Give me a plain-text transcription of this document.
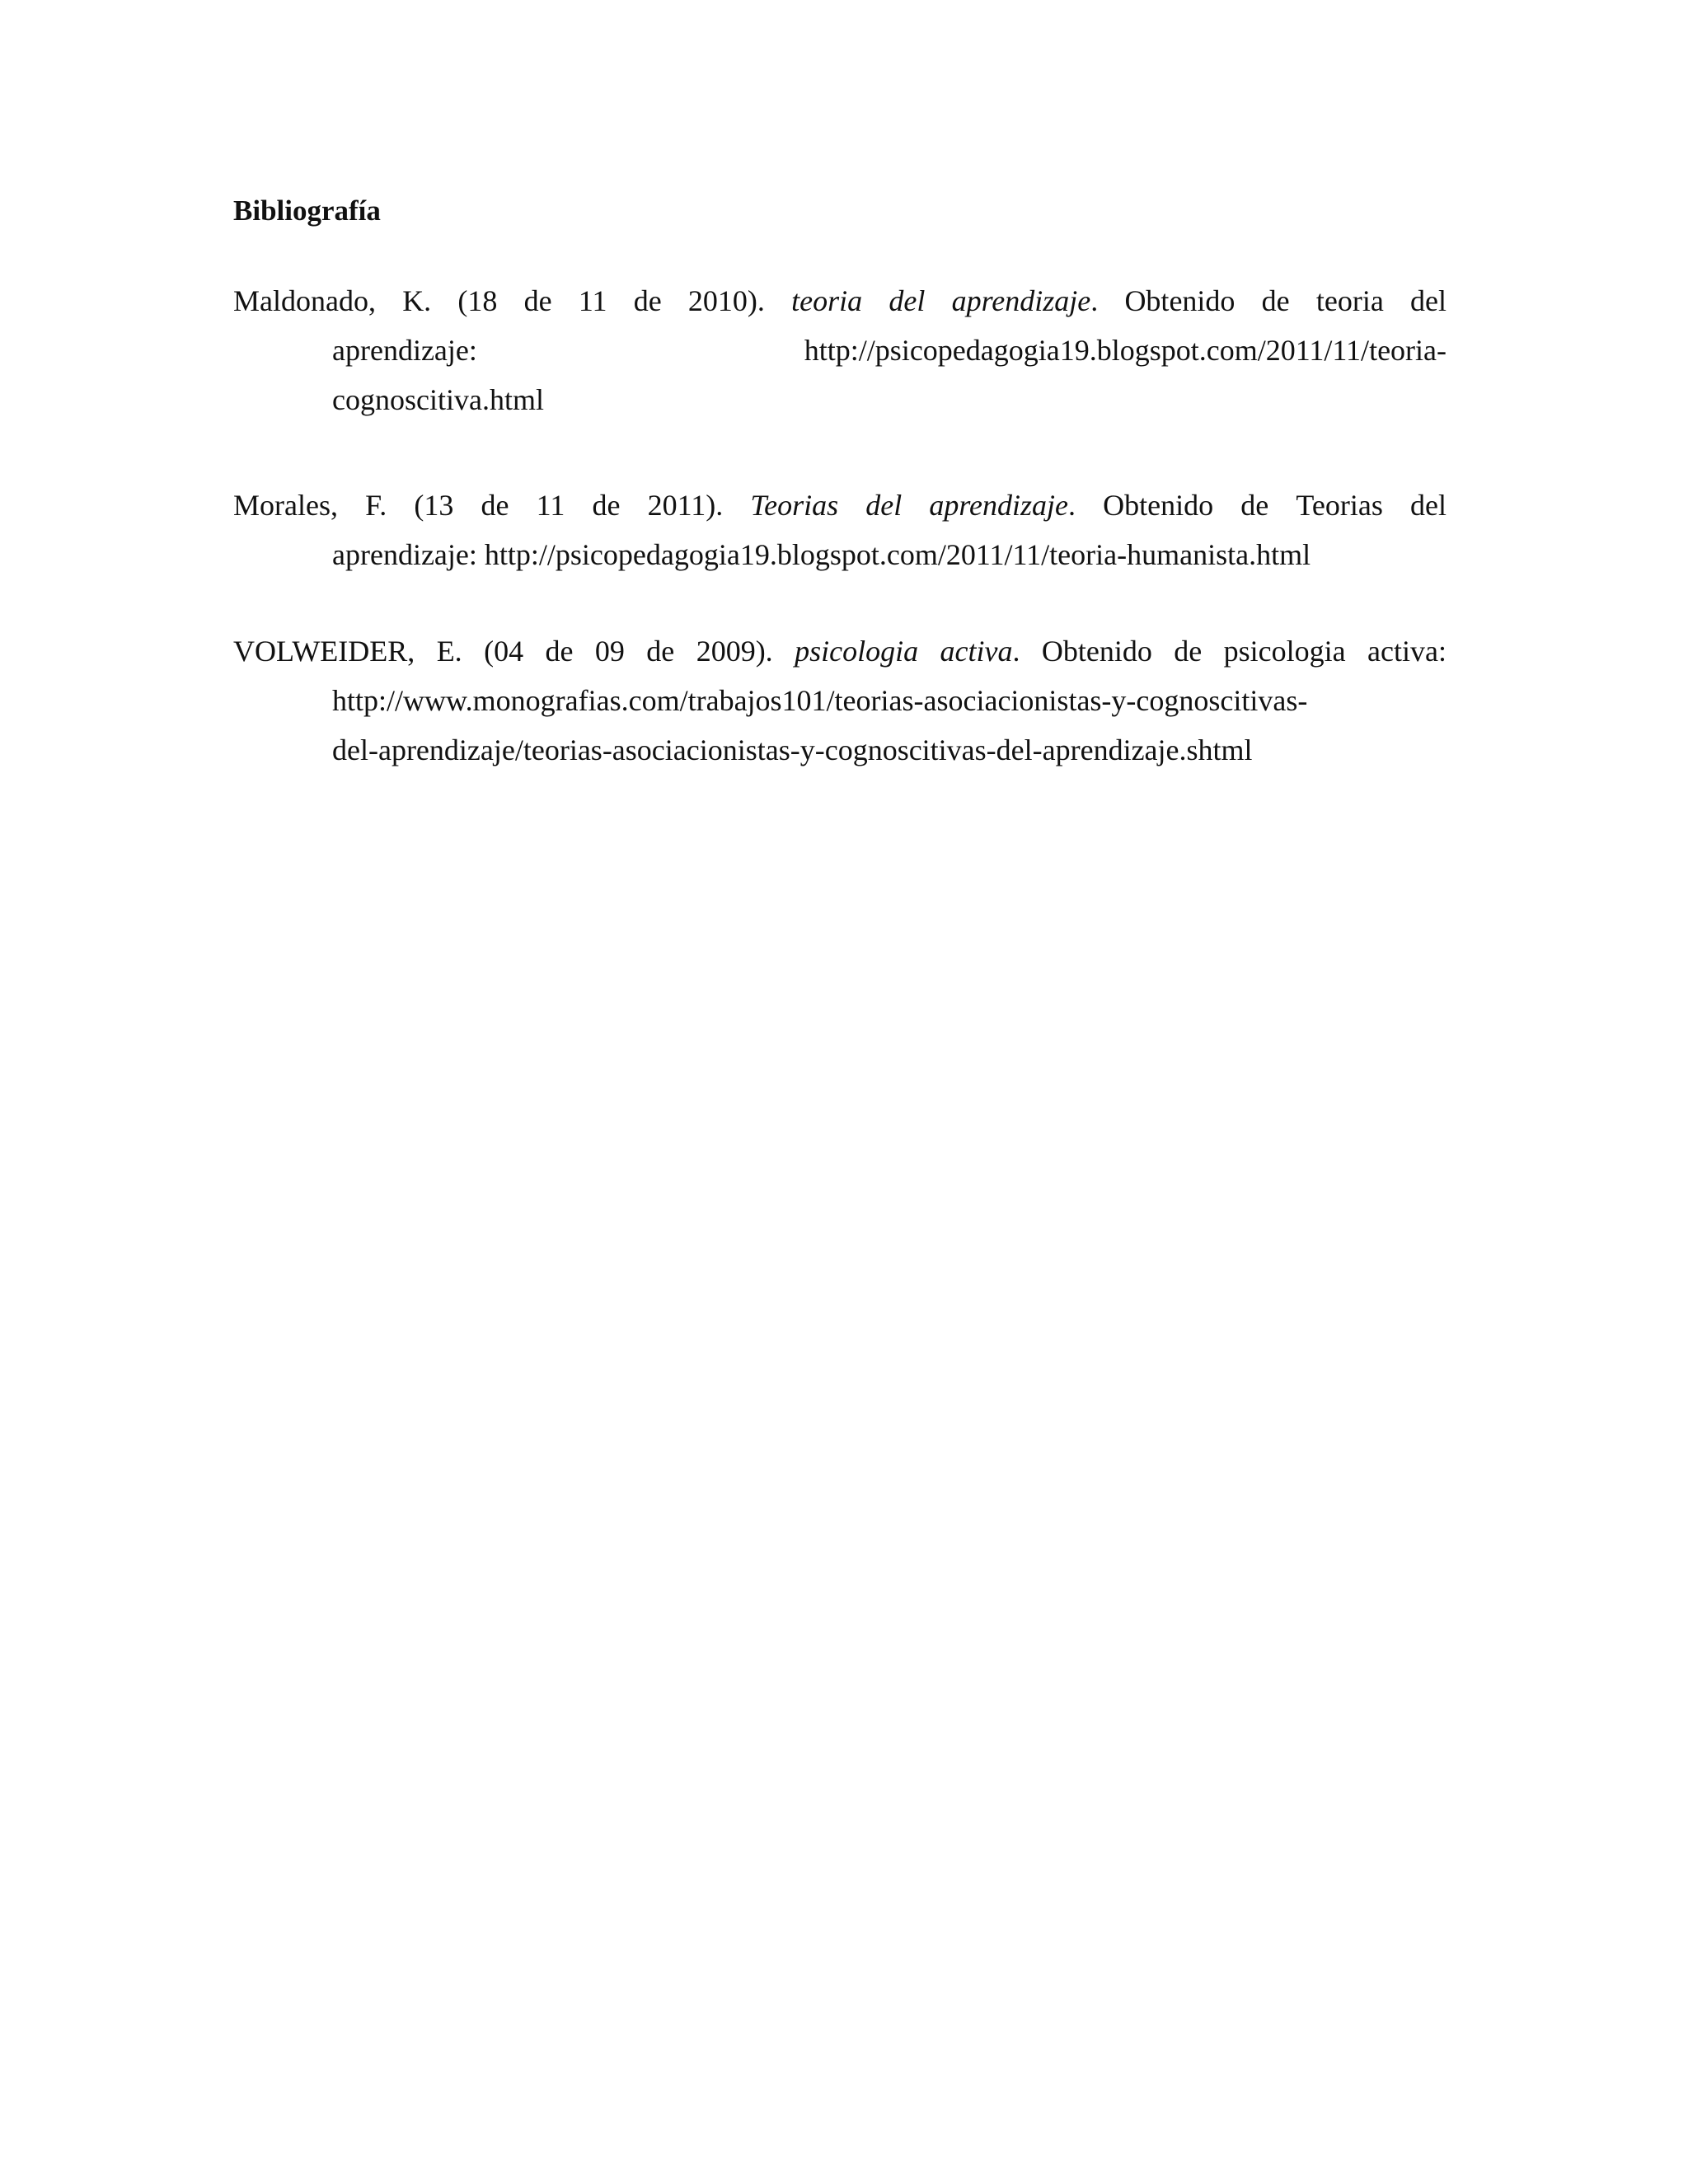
Bibliografía
Maldonado, K. (18 de 11 de 2010). teoria del aprendizaje. Obtenido de teoria del
aprendizaje:	http://psicopedagogia19.blogspot.com/2011/11/teoria-
cognoscitiva.html
Morales, F. (13 de 11 de 2011). Teorias del aprendizaje. Obtenido de Teorias del
aprendizaje: http://psicopedagogia19.blogspot.com/2011/11/teoria-humanista.html
VOLWEIDER, E. (04 de 09 de 2009). psicologia activa. Obtenido de psicologia activa:
http://www.monografias.com/trabajos101/teorias-asociacionistas-y-cognoscitivas-
del-aprendizaje/teorias-asociacionistas-y-cognoscitivas-del-aprendizaje.shtml
